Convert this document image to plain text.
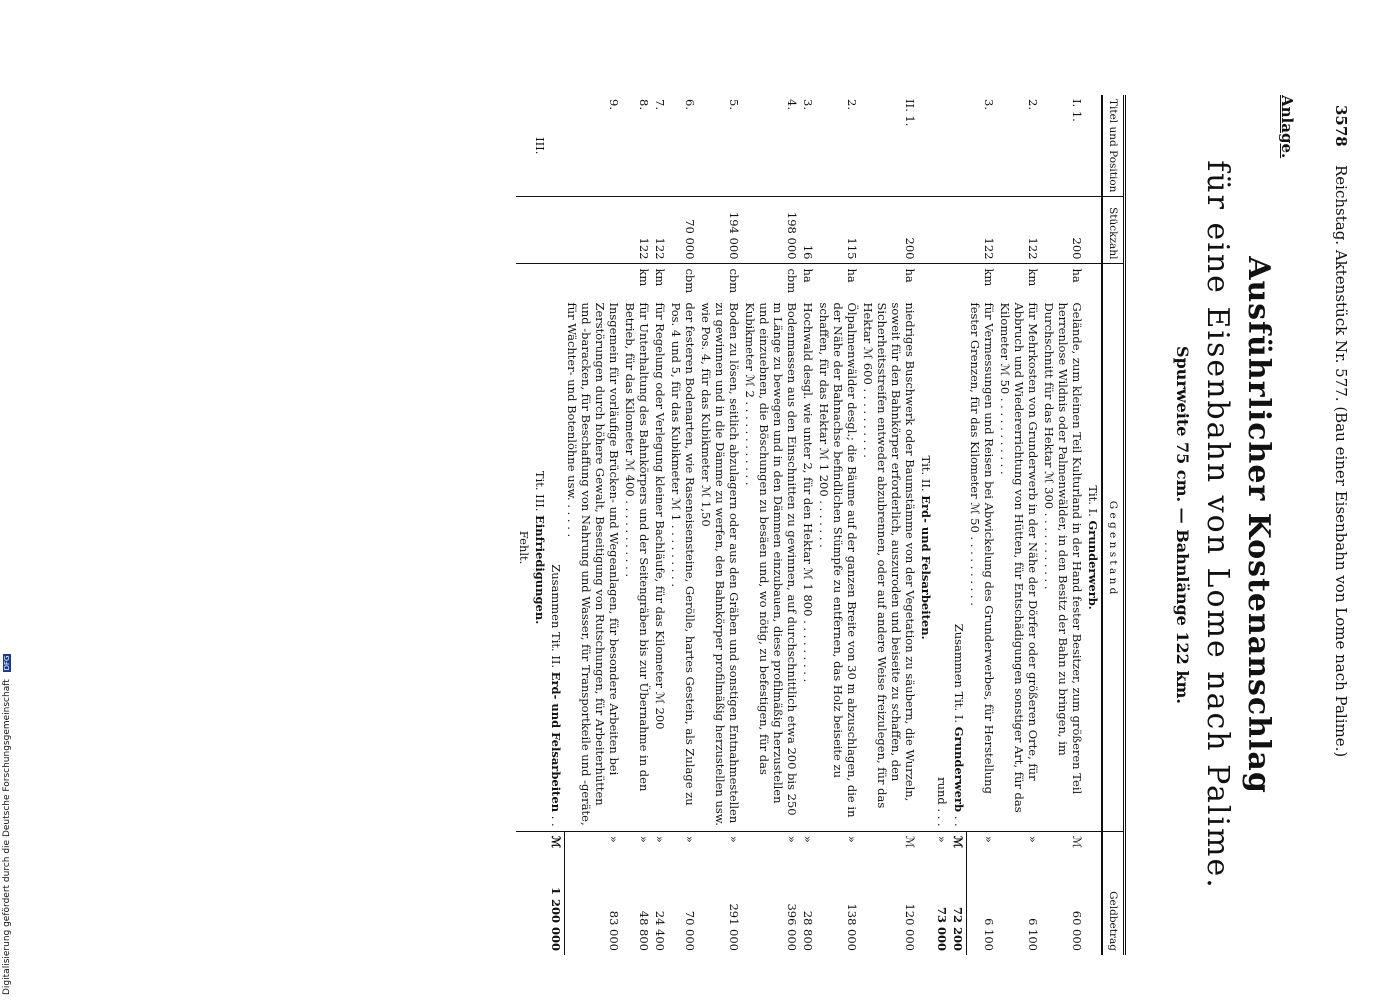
3578
Reichstag. Aktenstück Nr. 577. (Bau einer Eisenbahn von Lome nach Palime.)
Anlage.
Ausführlicher Kostenanschlag
für eine Eisenbahn von Lome nach Palime.
Spurweite 75 cm. — Bahnlänge 122 km.
Titel und Position	Stückzahl	G e g e n s t a n d		Geldbetrag	
		Tit. I. Grunderwerb.			
I. 1.	200	ha	Gelände, zum kleinen Teil Kulturland in der Hand fester Besitzer, zum größeren Teil herrenlose Wildnis oder Palmenwälder, in den Besitz der Bahn zu bringen, im Durchschnitt für das Hektar ℳ 300 . . . . . . . . . . .	ℳ	60 000
2.	122	km	für Mehrkosten von Grunderwerb in der Nähe der Dörfer oder größeren Orte, für Abbruch und Wiedererrichtung von Hütten, für Entschädigungen sonstiger Art, für das Kilometer ℳ 50 . . . . . . . . . . .	»	6 100
3.	122	km	für Vermessungen und Reisen bei Abwickelung des Grunderwerbes, für Herstellung fester Grenzen, für das Kilometer ℳ 50 . . . . . . . . . .	»	6 100
		Zusammen Tit. I. Grunderwerb . .		ℳ	72 200
		rund . . .		»	73 000
		Tit. II. Erd- und Felsarbeiten.			
II. 1.	200	ha	niedriges Buschwerk oder Baumstämme von der Vegetation zu säubern, die Wurzeln, soweit für den Bahnkörper erforderlich, auszuroden und beiseite zu schaffen, den Sicherheitsstreifen entweder abzubrennen, oder auf andere Weise freizulegen, für das Hektar ℳ 600 . . . . . . . . . .	ℳ	120 000
2.	115	ha	Ölpalmenwälder desgl.; die Bäume auf der ganzen Breite von 30 m abzuschlagen, die in der Nähe der Bahnachse befindlichen Stümpfe zu entfernen, das Holz beiseite zu schaffen, für das Hektar ℳ 1 200 . . . . . . .	»	138 000
3.	16	ha	Hochwald desgl. wie unter 2, für den Hektar ℳ 1 800 . . . . . . . . .	»	28 800
4.	198 000	cbm	Bodenmassen aus den Einschnitten zu gewinnen, auf durchschnittlich etwa 200 bis 250 m Länge zu bewegen und in den Dämmen einzubauen, diese profilmäßig herzustellen und einzuebnen, die Böschungen zu besäen und, wo nötig, zu befestigen, für das Kubikmeter ℳ 2 . . . . . . . . . . . .	»	396 000
5.	194 000	cbm	Boden zu lösen, seitlich abzulagern oder aus den Gräben und sonstigen Entnahmestellen zu gewinnen und in die Dämme zu werfen, den Bahnkörper profilmäßig herzustellen usw. wie Pos. 4, für das Kubikmeter ℳ 1,50	»	291 000
6.	70 000	cbm	der festeren Bodenarten, wie Raseneisensteine, Gerölle, hartes Gestein, als Zulage zu Pos. 4 und 5, für das Kubikmeter ℳ 1 . . . . . . . . .	»	70 000
7.	122	km	für Regelung oder Verlegung kleiner Bachläufe, für das Kilometer ℳ 200	»	24 400
8.	122	km	für Unterhaltung des Bahnkörpers und der Seitengräben bis zur Übernahme in den Betrieb, für das Kilometer ℳ 400 . . . . . . . . . . .	»	48 800
9.			Insgemein für vorläufige Brücken- und Wegeanlagen, für besondere Arbeiten bei Zerstörungen durch höhere Gewalt, Beseitigung von Rutschungen, für Arbeiterhütten und -baracken, für Beschaffung von Nahrung und Wasser, für Transportkeile und -geräte, für Wächter- und Botenlöhne usw. . . . . .	»	83 000
		Zusammen Tit. II. Erd- und Felsarbeiten . .		ℳ	1 200 000
III.		Tit. III. Einfriedigungen.			
		Fehlt.			
Digitalisierung gefördert durch die Deutsche Forschungsgemeinschaft DFG
